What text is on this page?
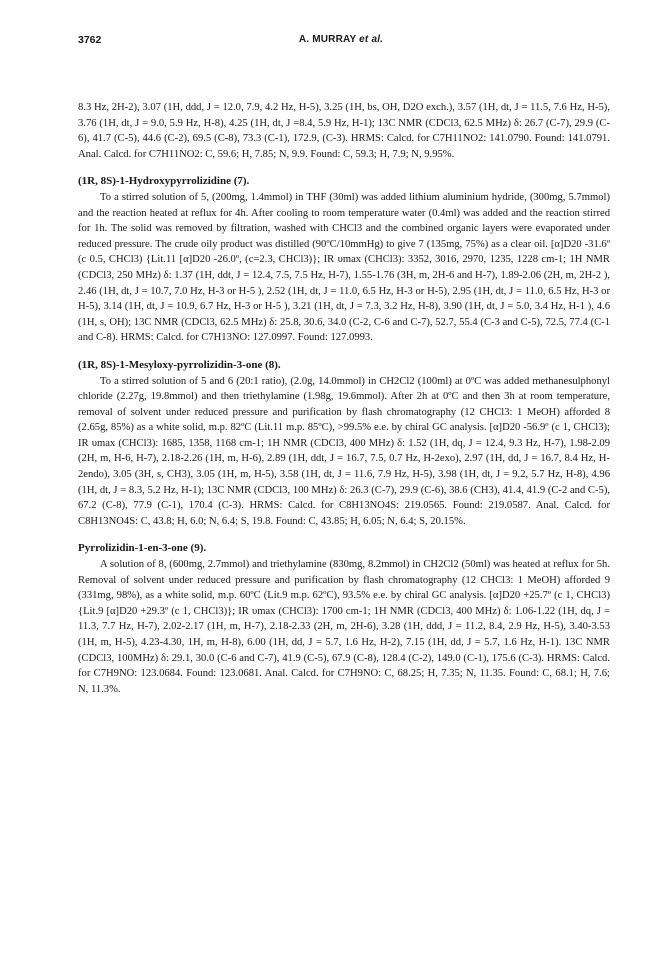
3762	A. MURRAY et al.

8.3 Hz, 2H-2), 3.07 (1H, ddd, J = 12.0, 7.9, 4.2 Hz, H-5), 3.25 (1H, bs, OH, D2O exch.), 3.57 (1H, dt, J = 11.5, 7.6 Hz, H-5), 3.76 (1H, dt, J = 9.0, 5.9 Hz, H-8), 4.25 (1H, dt, J =8.4, 5.9 Hz, H-1); 13C NMR (CDCl3, 62.5 MHz) δ: 26.7 (C-7), 29.9 (C-6), 41.7 (C-5), 44.6 (C-2), 69.5 (C-8), 73.3 (C-1), 172.9, (C-3). HRMS: Calcd. for C7H11NO2: 141.0790. Found: 141.0791. Anal. Calcd. for C7H11NO2: C, 59.6; H, 7.85; N, 9.9. Found: C, 59.3; H, 7.9; N, 9.95%.

(1R, 8S)-1-Hydroxypyrrolizidine (7).

To a stirred solution of 5, (200mg, 1.4mmol) in THF (30ml) was added lithium aluminium hydride, (300mg, 5.7mmol) and the reaction heated at reflux for 4h. After cooling to room temperature water (0.4ml) was added and the reaction stirred for 1h. The solid was removed by filtration, washed with CHCl3 and the combined organic layers were evaporated under reduced pressure. The crude oily product was distilled (90ºC/10mmHg) to give 7 (135mg, 75%) as a clear oil. [α]D20 -31.6º (c 0.5, CHCl3) {Lit.11 [α]D20 -26.0º, (c=2.3, CHCl3)}; IR υmax (CHCl3): 3352, 3016, 2970, 1235, 1228 cm-1; 1H NMR (CDCl3, 250 MHz) δ: 1.37 (1H, ddt, J = 12.4, 7.5, 7.5 Hz, H-7), 1.55-1.76 (3H, m, 2H-6 and H-7), 1.89-2.06 (2H, m, 2H-2 ), 2.46 (1H, dt, J = 10.7, 7.0 Hz, H-3 or H-5 ), 2.52 (1H, dt, J = 11.0, 6.5 Hz, H-3 or H-5), 2.95 (1H, dt, J = 11.0, 6.5 Hz, H-3 or H-5), 3.14 (1H, dt, J = 10.9, 6.7 Hz, H-3 or H-5 ), 3.21 (1H, dt, J = 7.3, 3.2 Hz, H-8), 3.90 (1H, dt, J = 5.0, 3.4 Hz, H-1 ), 4.6 (1H, s, OH); 13C NMR (CDCl3, 62.5 MHz) δ: 25.8, 30.6, 34.0 (C-2, C-6 and C-7), 52.7, 55.4 (C-3 and C-5), 72.5, 77.4 (C-1 and C-8). HRMS: Calcd. for C7H13NO: 127.0997. Found: 127.0993.

(1R, 8S)-1-Mesyloxy-pyrrolizidin-3-one (8).

To a stirred solution of 5 and 6 (20:1 ratio), (2.0g, 14.0mmol) in CH2Cl2 (100ml) at 0ºC was added methanesulphonyl chloride (2.27g, 19.8mmol) and then triethylamine (1.98g, 19.6mmol). After 2h at 0ºC and then 3h at room temperature, removal of solvent under reduced pressure and purification by flash chromatography (12 CHCl3: 1 MeOH) afforded 8 (2.65g, 85%) as a white solid, m.p. 82ºC (Lit.11 m.p. 85ºC), >99.5% e.e. by chiral GC analysis. [α]D20 -56.9º (c 1, CHCl3); IR υmax (CHCl3): 1685, 1358, 1168 cm-1; 1H NMR (CDCl3, 400 MHz) δ: 1.52 (1H, dq, J = 12.4, 9.3 Hz, H-7), 1.98-2.09 (2H, m, H-6, H-7), 2.18-2.26 (1H, m, H-6), 2.89 (1H, ddt, J = 16.7, 7.5, 0.7 Hz, H-2exo), 2.97 (1H, dd, J = 16.7, 8.4 Hz, H-2endo), 3.05 (3H, s, CH3), 3.05 (1H, m, H-5), 3.58 (1H, dt, J = 11.6, 7.9 Hz, H-5), 3.98 (1H, dt, J = 9.2, 5.7 Hz, H-8), 4.96 (1H, dt, J = 8.3, 5.2 Hz, H-1); 13C NMR (CDCl3, 100 MHz) δ: 26.3 (C-7), 29.9 (C-6), 38.6 (CH3), 41.4, 41.9 (C-2 and C-5), 67.2 (C-8), 77.9 (C-1), 170.4 (C-3). HRMS: Calcd. for C8H13NO4S: 219.0565. Found: 219.0587. Anal. Calcd. for C8H13NO4S: C, 43.8; H, 6.0; N, 6.4; S, 19.8. Found: C, 43.85; H, 6.05; N, 6.4; S, 20.15%.

Pyrrolizidin-1-en-3-one (9).

A solution of 8, (600mg, 2.7mmol) and triethylamine (830mg, 8.2mmol) in CH2Cl2 (50ml) was heated at reflux for 5h. Removal of solvent under reduced pressure and purification by flash chromatography (12 CHCl3: 1 MeOH) afforded 9 (331mg, 98%), as a white solid, m.p. 60ºC (Lit.9 m.p. 62ºC), 93.5% e.e. by chiral GC analysis. [α]D20 +25.7º (c 1, CHCl3) {Lit.9 [α]D20 +29.3º (c 1, CHCl3)}; IR υmax (CHCl3): 1700 cm-1; 1H NMR (CDCl3, 400 MHz) δ: 1.06-1.22 (1H, dq, J = 11.3, 7.7 Hz, H-7), 2.02-2.17 (1H, m, H-7), 2.18-2.33 (2H, m, 2H-6), 3.28 (1H, ddd, J = 11.2, 8.4, 2.9 Hz, H-5), 3.40-3.53 (1H, m, H-5), 4.23-4.30, 1H, m, H-8), 6.00 (1H, dd, J = 5.7, 1.6 Hz, H-2), 7.15 (1H, dd, J = 5.7, 1.6 Hz, H-1). 13C NMR (CDCl3, 100MHz) δ: 29.1, 30.0 (C-6 and C-7), 41.9 (C-5), 67.9 (C-8), 128.4 (C-2), 149.0 (C-1), 175.6 (C-3). HRMS: Calcd. for C7H9NO: 123.0684. Found: 123.0681. Anal. Calcd. for C7H9NO: C, 68.25; H, 7.35; N, 11.35. Found: C, 68.1; H, 7.6; N, 11.3%.
